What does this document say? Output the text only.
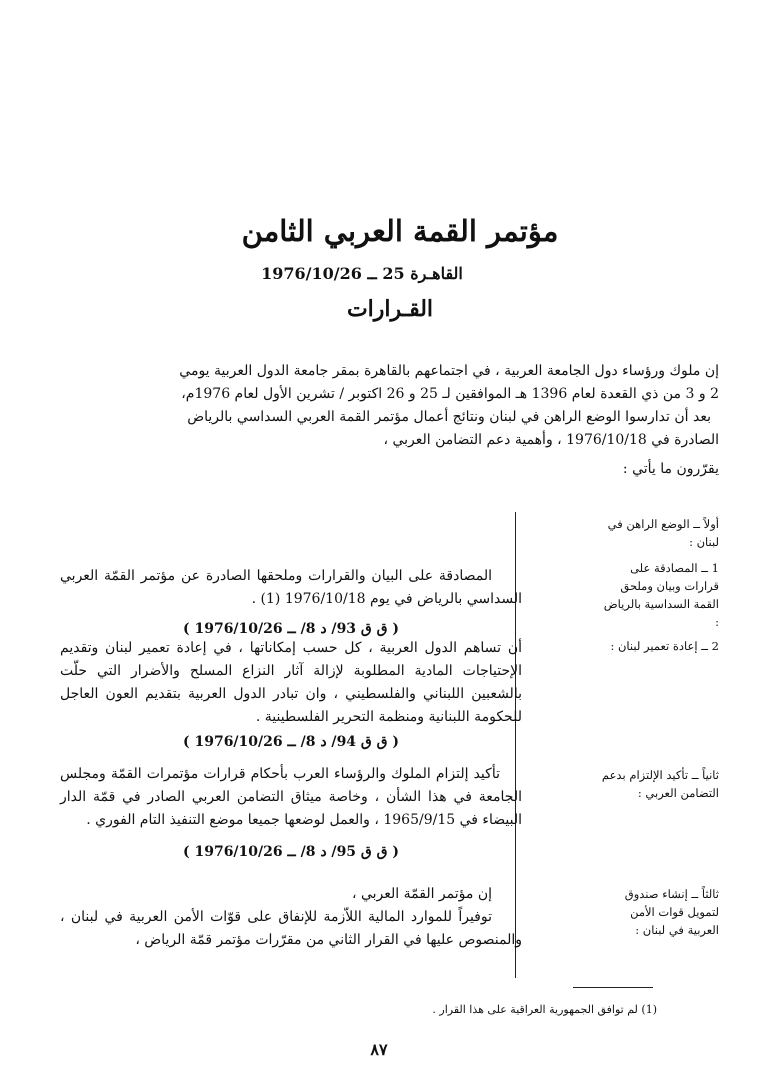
مؤتمر القمة العربي الثامن
القاهـرة 25 ــ 1976/10/26
القـرارات

إن ملوك ورؤساء دول الجامعة العربية ، في اجتماعهم بالقاهرة بمقر جامعة الدول العربية يومي

2 و 3 من ذي القعدة لعام 1396 هـ الموافقين لـ 25 و 26 اكتوبر / تشرين الأول لعام 1976م،

بعد أن تدارسوا الوضع الراهن في لبنان ونتائج أعمال مؤتمر القمة العربي السداسي بالرياض

الصادرة في 1976/10/18 ، وأهمية دعم التضامن العربي ،

يقرّرون ما يأتي :

أولاً ــ الوضع الراهن في لبنان :
1 ــ المصادقة على قرارات وبيان وملحق القمة السداسية بالرياض :

المصادقة على البيان والقرارات وملحقها الصادرة عن مؤتمر القمّة العربي السداسي بالرياض في يوم 1976/10/18 (1) .

( ق ق 93/ د 8/ ــ 1976/10/26 )
2 ــ إعادة تعمير لبنان :

أن تساهم الدول العربية ، كل حسب إمكاناتها ، في إعادة تعمير لبنان وتقديم الإحتياجات المادية المطلوبة لإزالة آثار النزاع المسلح والأضرار التي حلّت بالشعبين اللبناني والفلسطيني ، وان تبادر الدول العربية بتقديم العون العاجل للحكومة اللبنانية ومنظمة التحرير الفلسطينية .

( ق ق 94/ د 8/ ــ 1976/10/26 )
ثانياً ــ تأكيد الإلتزام بدعم التضامن العربي :

تأكيد إلتزام الملوك والرؤساء العرب بأحكام قرارات مؤتمرات القمّة ومجلس الجامعة في هذا الشأن ، وخاصة ميثاق التضامن العربي الصادر في قمّة الدار البيضاء في 1965/9/15 ، والعمل لوضعها جميعا موضع التنفيذ التام الفوري .

( ق ق 95/ د 8/ ــ 1976/10/26 )
ثالثاً ــ إنشاء صندوق لتمويل قوات الأمن العربية في لبنان :

إن مؤتمر القمّة العربي ،

توفيراً للموارد المالية اللاّزمة للإنفاق على قوّات الأمن العربية في لبنان ، والمنصوص عليها في القرار الثاني من مقرّرات مؤتمر قمّة الرياض ،

(1) لم توافق الجمهورية العراقية على هذا القرار .
٨٧
